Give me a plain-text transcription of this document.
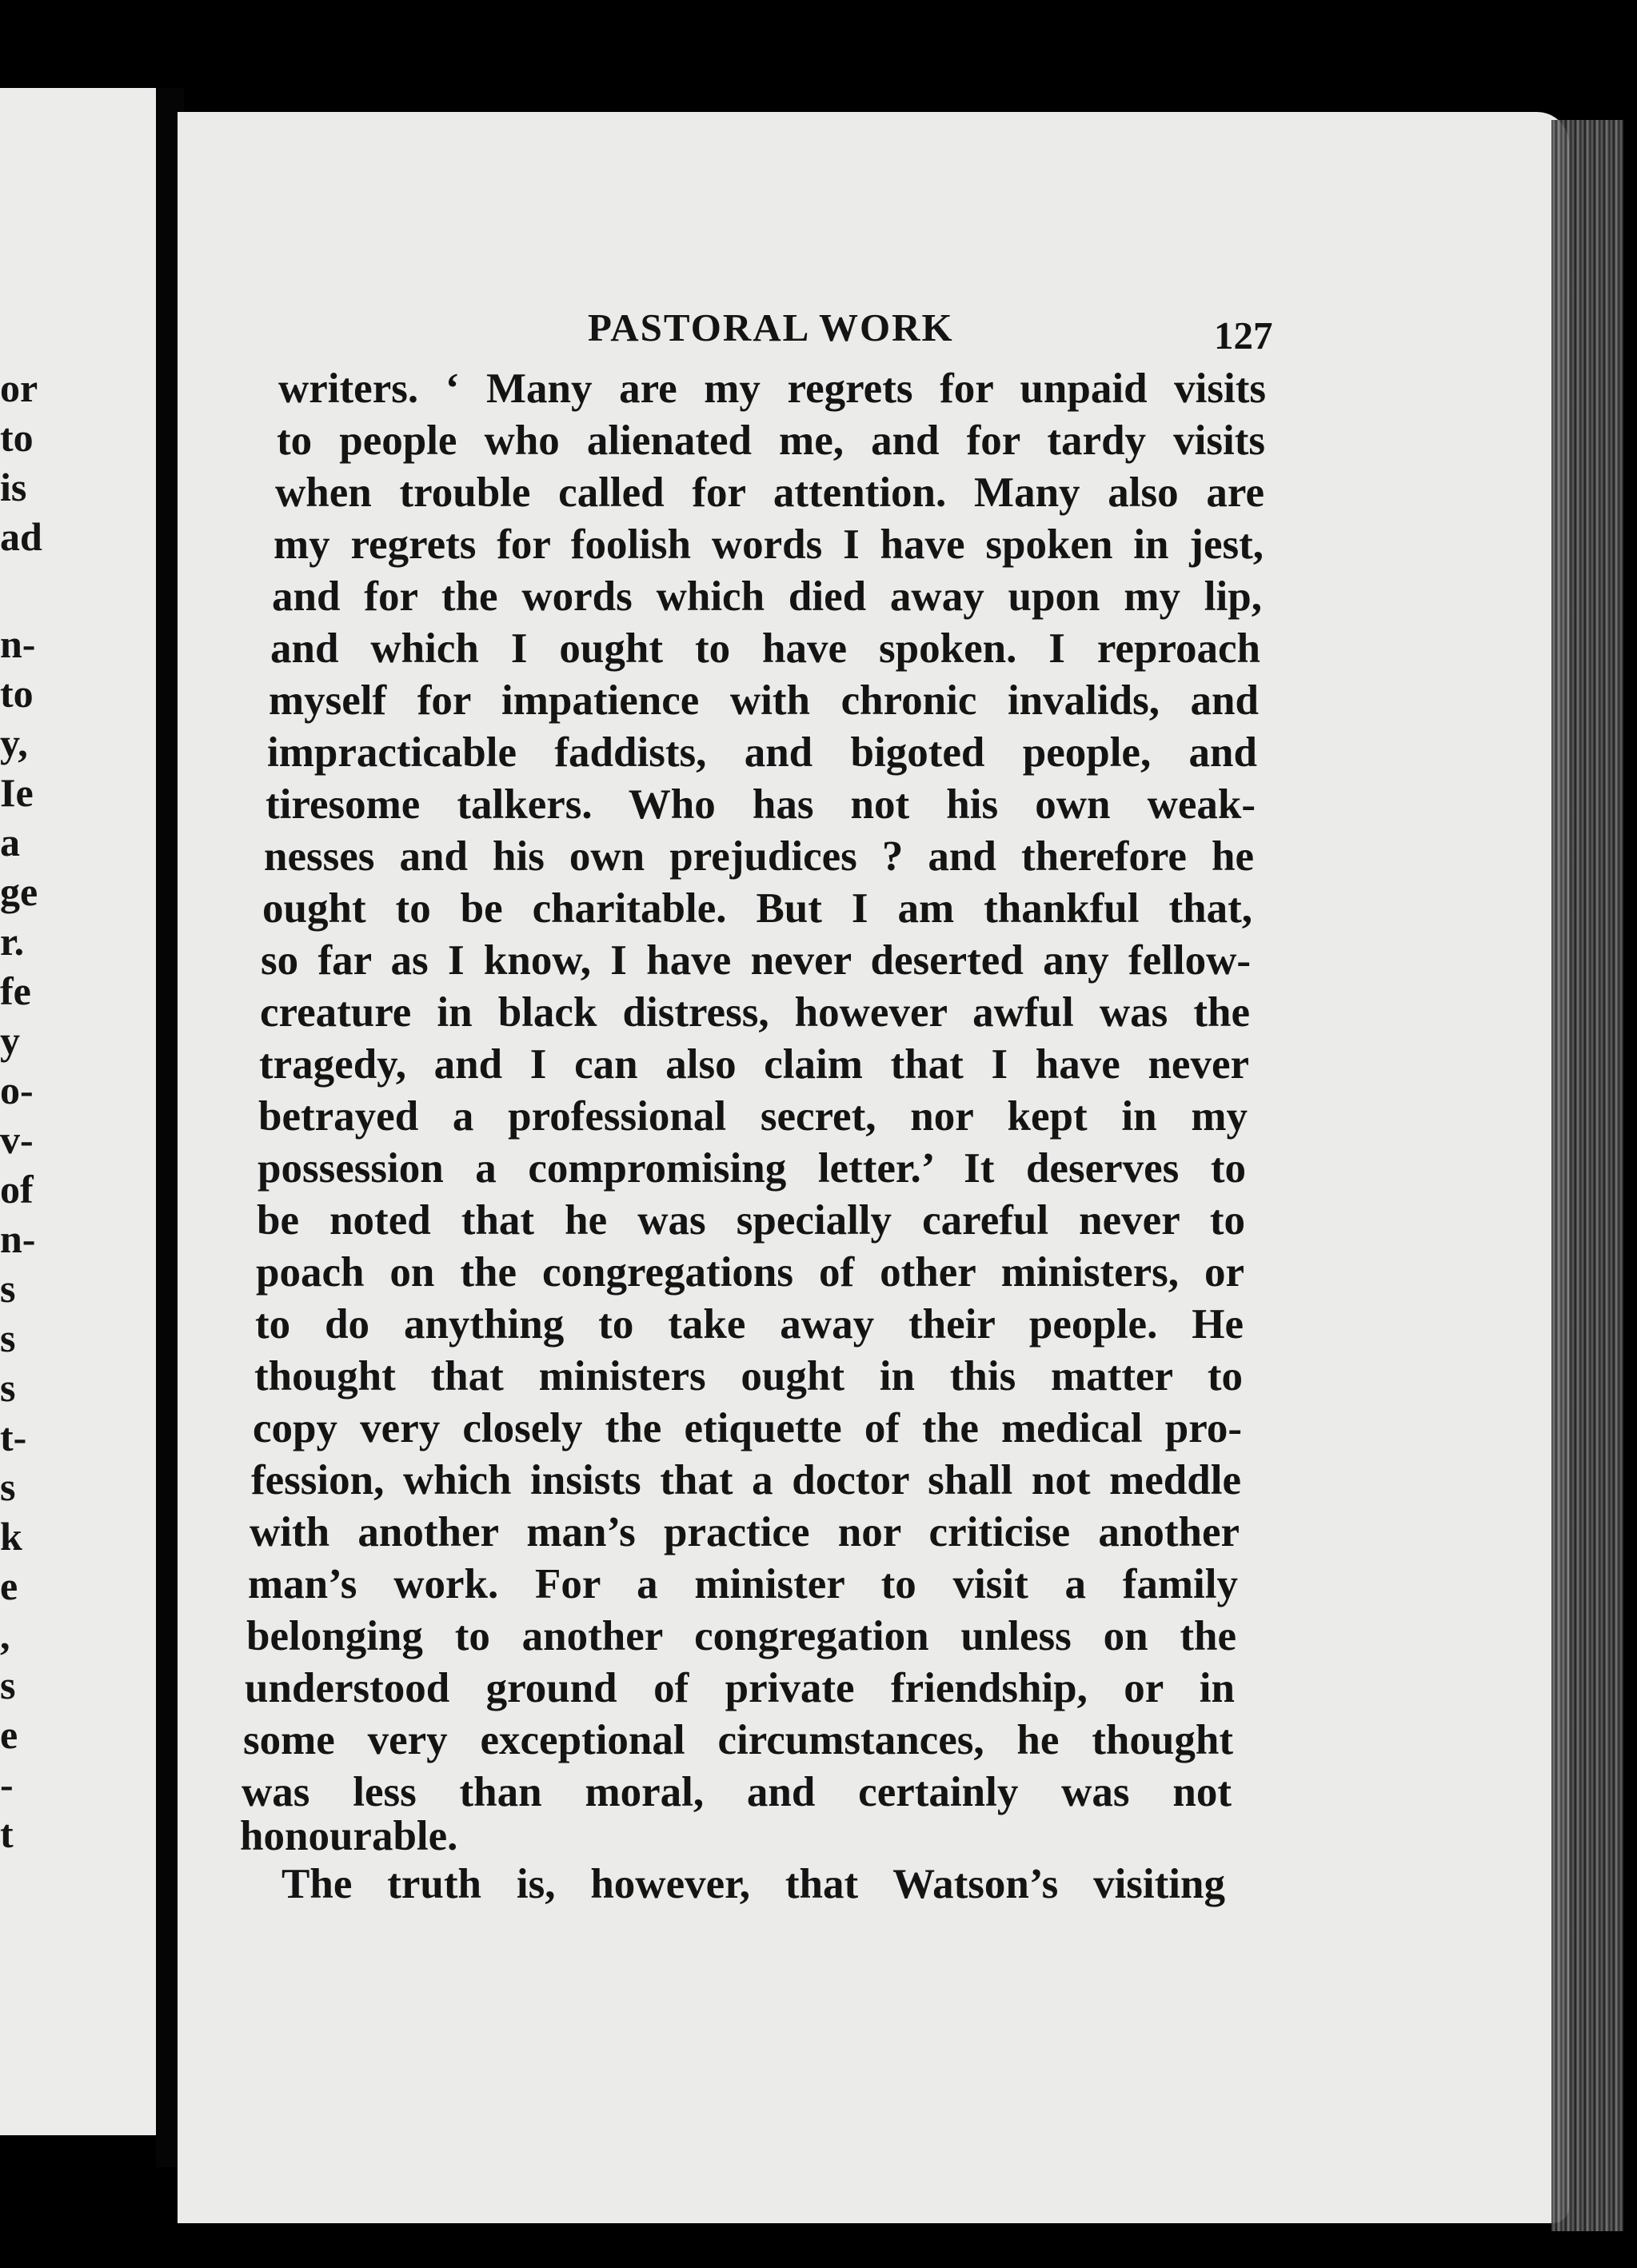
or
to
is
ad
n-
to
y,
Ie
a
ge
r.
fe
y
o-
v-
of
n-
s
s
s
t-
s
k
e
,
s
e
-
t
PASTORAL WORK	127
writers. ‘ Many are my regrets for unpaid visits
to people who alienated me, and for tardy visits
when trouble called for attention. Many also are
my regrets for foolish words I have spoken in jest,
and for the words which died away upon my lip,
and which I ought to have spoken. I reproach
myself for impatience with chronic invalids, and
impracticable faddists, and bigoted people, and
tiresome talkers. Who has not his own weak-
nesses and his own prejudices ? and therefore he
ought to be charitable. But I am thankful that,
so far as I know, I have never deserted any fellow-
creature in black distress, however awful was the
tragedy, and I can also claim that I have never
betrayed a professional secret, nor kept in my
possession a compromising letter.’ It deserves to
be noted that he was specially careful never to
poach on the congregations of other ministers, or
to do anything to take away their people. He
thought that ministers ought in this matter to
copy very closely the etiquette of the medical pro-
fession, which insists that a doctor shall not meddle
with another man’s practice nor criticise another
man’s work. For a minister to visit a family
belonging to another congregation unless on the
understood ground of private friendship, or in
some very exceptional circumstances, he thought
was less than moral, and certainly was not
honourable.
The truth is, however, that Watson’s visiting
